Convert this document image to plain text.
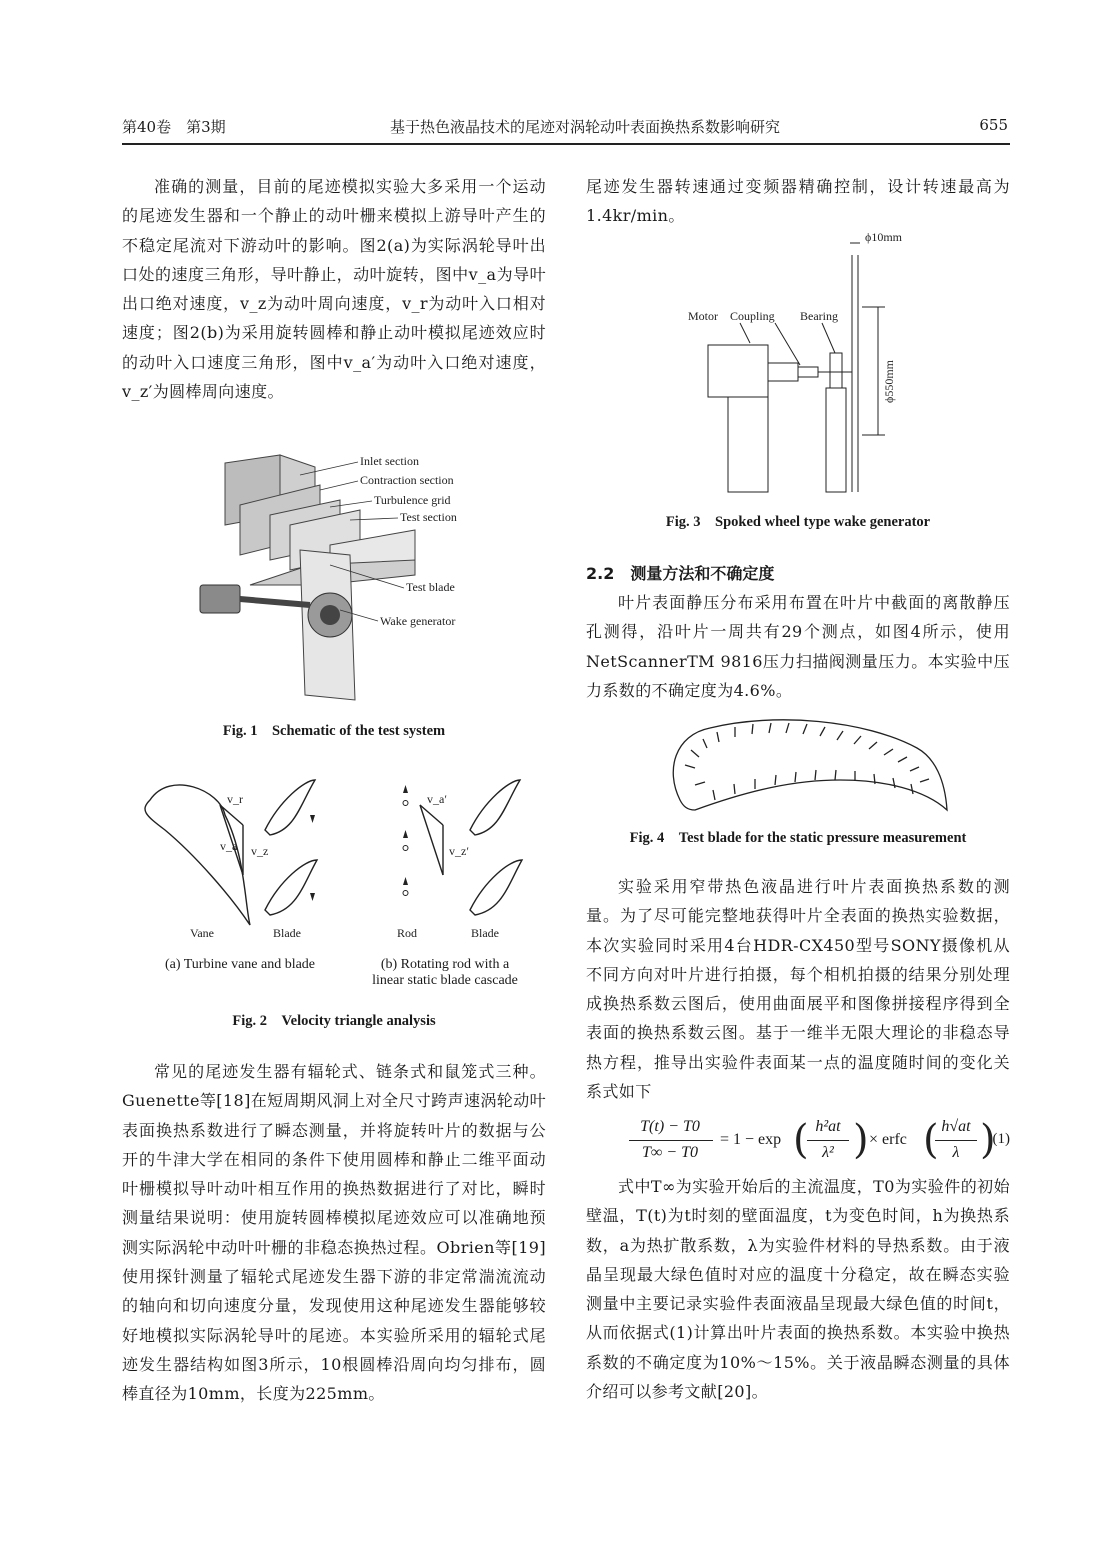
第40卷　第3期	基于热色液晶技术的尾迹对涡轮动叶表面换热系数影响研究	655

准确的测量，目前的尾迹模拟实验大多采用一个运动的尾迹发生器和一个静止的动叶栅来模拟上游导叶产生的不稳定尾流对下游动叶的影响。图2(a)为实际涡轮导叶出口处的速度三角形，导叶静止，动叶旋转，图中v_a为导叶出口绝对速度，v_z为动叶周向速度，v_r为动叶入口相对速度；图2(b)为采用旋转圆棒和静止动叶模拟尾迹效应时的动叶入口速度三角形，图中v_a′为动叶入口绝对速度，v_z′为圆棒周向速度。

Inlet section
Contraction section
Turbulence grid
Test section
Test blade
Wake generator
Fig. 1　Schematic of the test system
v_r
v_a v_z
v_a′
v_z′
Vane	Blade	Rod	Blade
(a) Turbine vane and blade	(b) Rotating rod with a
linear static blade cascade
Fig. 2　Velocity triangle analysis

常见的尾迹发生器有辐轮式、链条式和鼠笼式三种。Guenette等[18]在短周期风洞上对全尺寸跨声速涡轮动叶表面换热系数进行了瞬态测量，并将旋转叶片的数据与公开的牛津大学在相同的条件下使用圆棒和静止二维平面动叶栅模拟导叶动叶相互作用的换热数据进行了对比，瞬时测量结果说明：使用旋转圆棒模拟尾迹效应可以准确地预测实际涡轮中动叶叶栅的非稳态换热过程。Obrien等[19]使用探针测量了辐轮式尾迹发生器下游的非定常湍流流动的轴向和切向速度分量，发现使用这种尾迹发生器能够较好地模拟实际涡轮导叶的尾迹。本实验所采用的辐轮式尾迹发生器结构如图3所示，10根圆棒沿周向均匀排布，圆棒直径为10mm，长度为225mm。

尾迹发生器转速通过变频器精确控制，设计转速最高为1.4kr/min。

Motor Coupling Bearing
ϕ10mm
ϕ550mm
Fig. 3　Spoked wheel type wake generator
2.2　测量方法和不确定度

叶片表面静压分布采用布置在叶片中截面的离散静压孔测得，沿叶片一周共有29个测点，如图4所示，使用NetScannerTM 9816压力扫描阀测量压力。本实验中压力系数的不确定度为4.6%。

Fig. 4　Test blade for the static pressure measurement

实验采用窄带热色液晶进行叶片表面换热系数的测量。为了尽可能完整地获得叶片全表面的换热实验数据，本次实验同时采用4台HDR-CX450型号SONY摄像机从不同方向对叶片进行拍摄，每个相机拍摄的结果分别处理成换热系数云图后，使用曲面展平和图像拼接程序得到全表面的换热系数云图。基于一维半无限大理论的非稳态导热方程，推导出实验件表面某一点的温度随时间的变化关系式如下

T(t) − T0
T∞ − T0
= 1 − exp ( h²at
λ² ) × erfc ( h√at
λ )
(1)

式中T∞为实验开始后的主流温度，T0为实验件的初始壁温，T(t)为t时刻的壁面温度，t为变色时间，h为换热系数，a为热扩散系数，λ为实验件材料的导热系数。由于液晶呈现最大绿色值时对应的温度十分稳定，故在瞬态实验测量中主要记录实验件表面液晶呈现最大绿色值的时间t，从而依据式(1)计算出叶片表面的换热系数。本实验中换热系数的不确定度为10%～15%。关于液晶瞬态测量的具体介绍可以参考文献[20]。
